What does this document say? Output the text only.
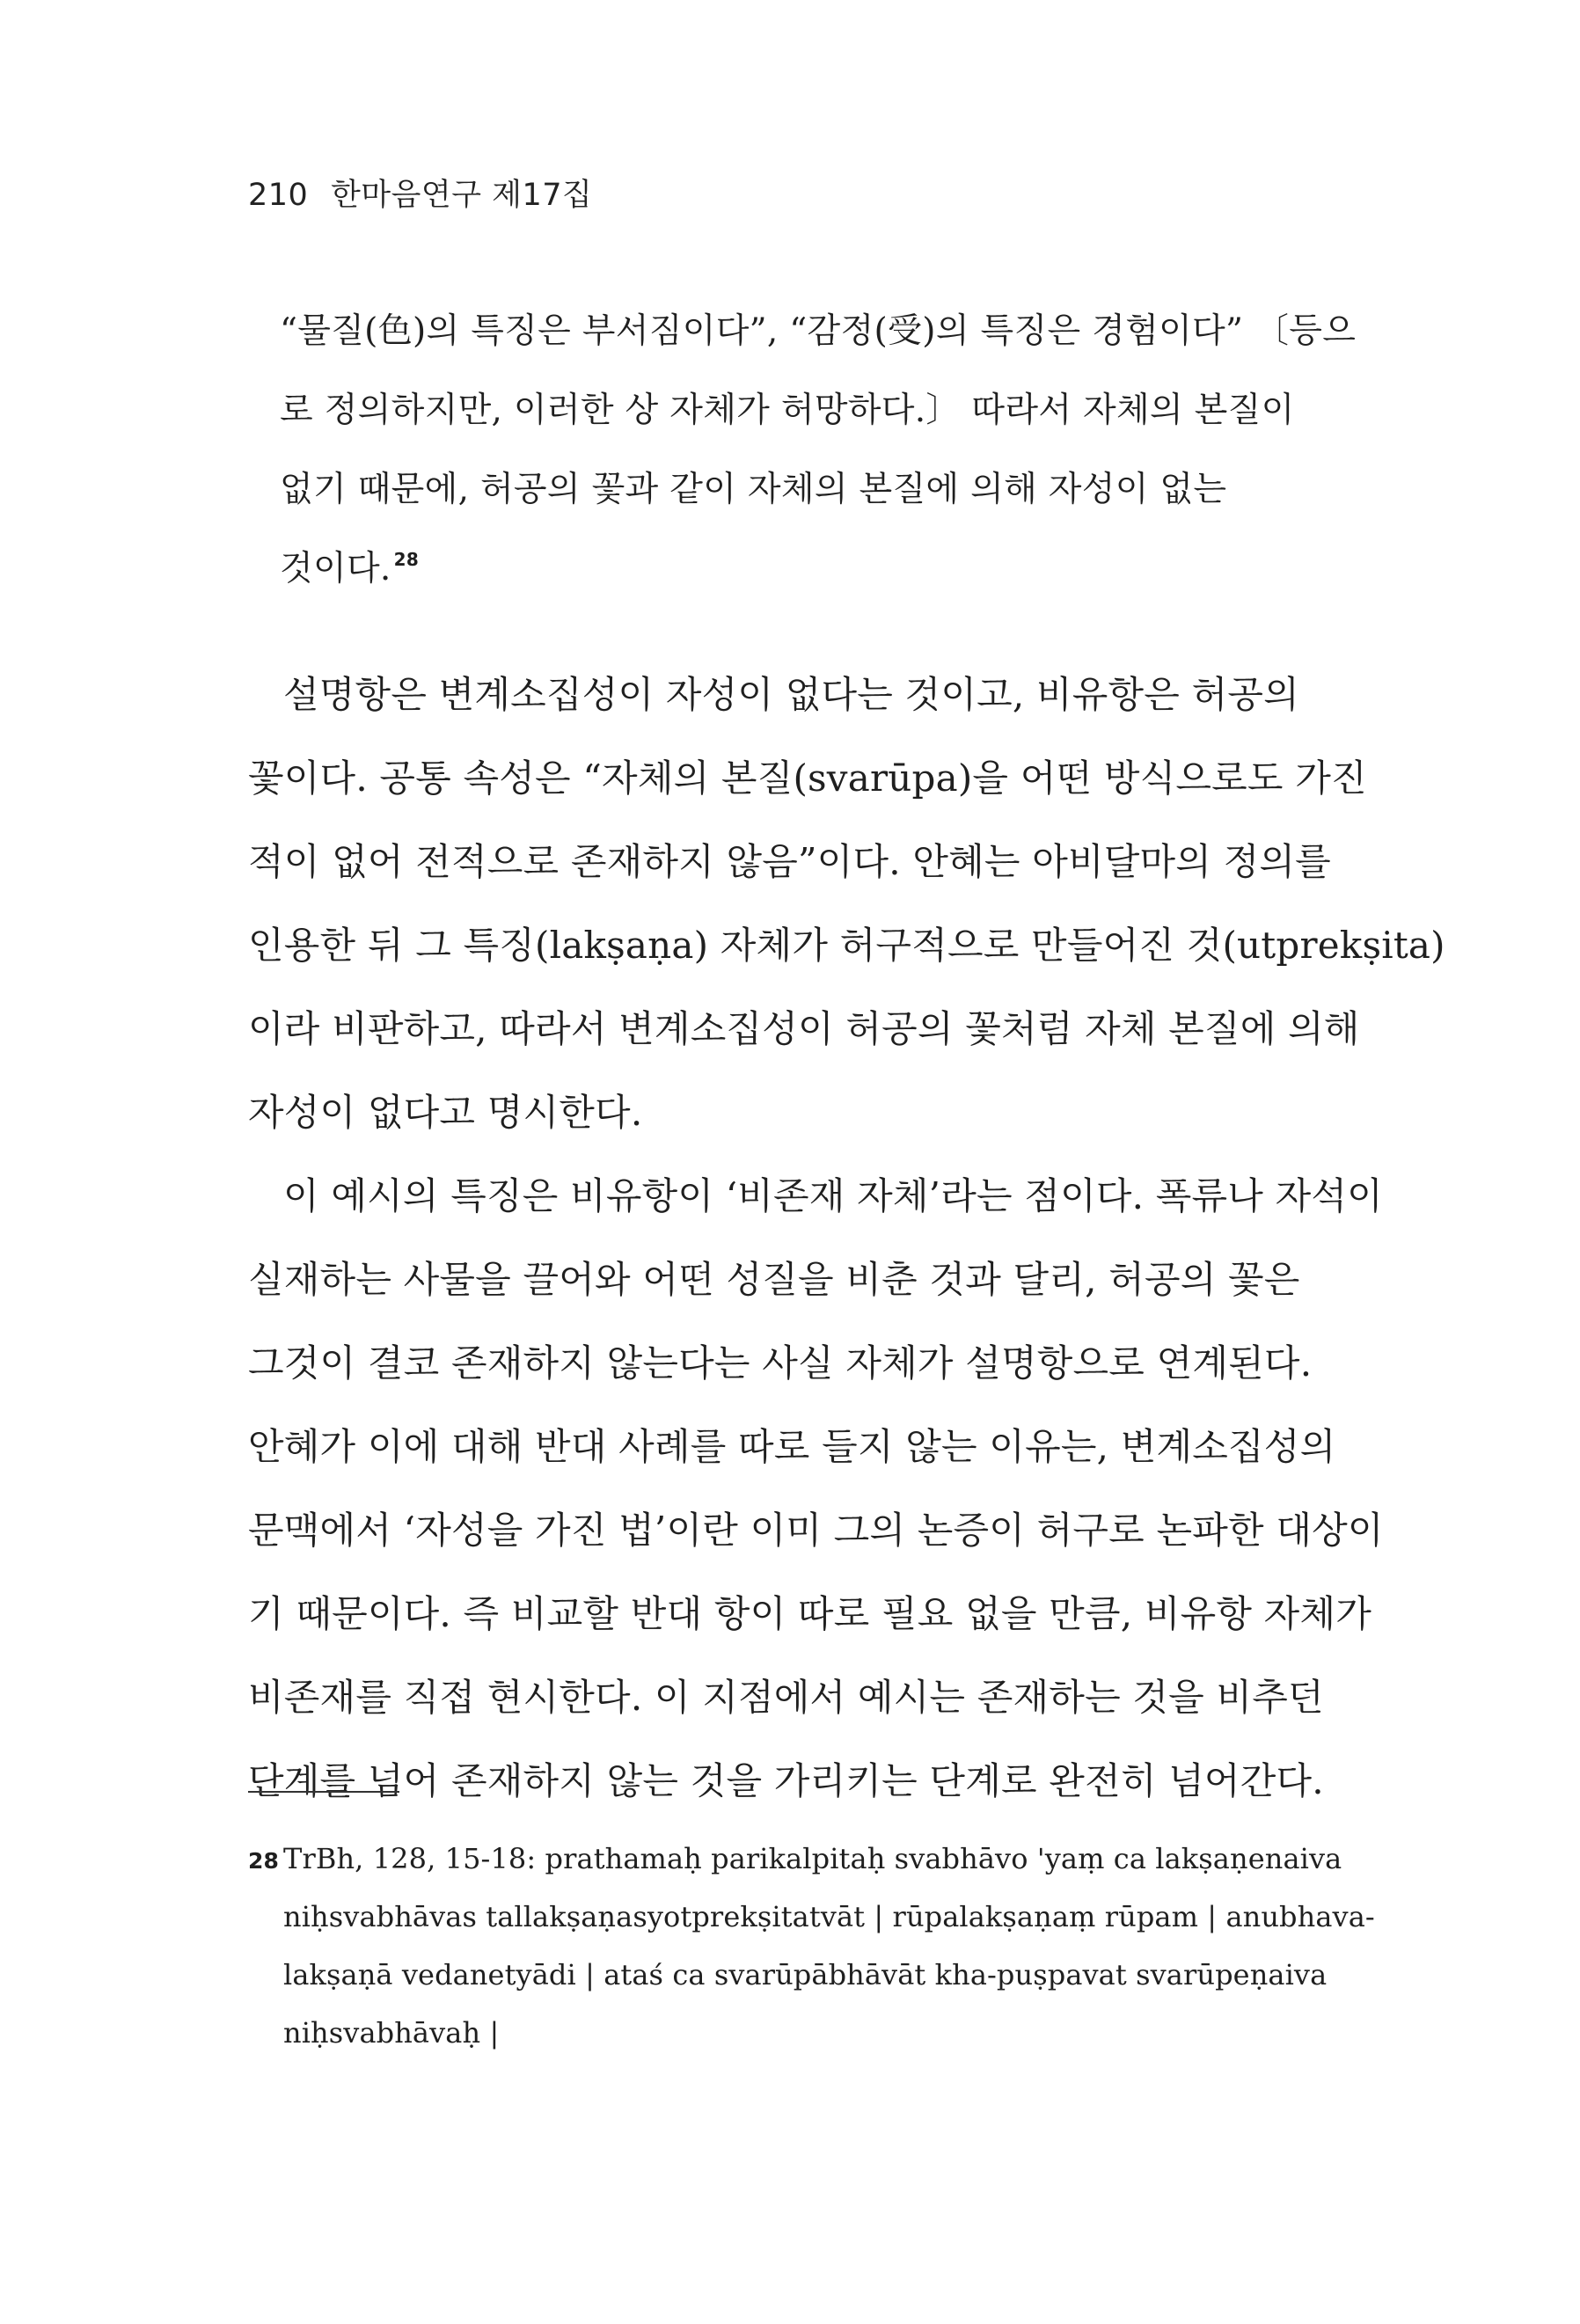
210 한마음연구 제17집
“물질(色)의 특징은 부서짐이다”, “감정(受)의 특징은 경험이다” 〔등으
로 정의하지만, 이러한 상 자체가 허망하다.〕 따라서 자체의 본질이
없기 때문에, 허공의 꽃과 같이 자체의 본질에 의해 자성이 없는
것이다. $^{28}$
설명항은 변계소집성이 자성이 없다는 것이고, 비유항은 허공의
꽃이다. 공통 속성은 “자체의 본질(svarūpa)을 어떤 방식으로도 가진
적이 없어 전적으로 존재하지 않음”이다. 안혜는 아비달마의 정의를
인용한 뒤 그 특징(lakṣaṇa) 자체가 허구적으로 만들어진 것(utprekṣita)
이라 비판하고, 따라서 변계소집성이 허공의 꽃처럼 자체 본질에 의해
자성이 없다고 명시한다.
이 예시의 특징은 비유항이 ‘비존재 자체’라는 점이다. 폭류나 자석이
실재하는 사물을 끌어와 어떤 성질을 비춘 것과 달리, 허공의 꽃은
그것이 결코 존재하지 않는다는 사실 자체가 설명항으로 연계된다.
안혜가 이에 대해 반대 사례를 따로 들지 않는 이유는, 변계소집성의
문맥에서 ‘자성을 가진 법’이란 이미 그의 논증이 허구로 논파한 대상이
기 때문이다. 즉 비교할 반대 항이 따로 필요 없을 만큼, 비유항 자체가
비존재를 직접 현시한다. 이 지점에서 예시는 존재하는 것을 비추던
단계를 넘어 존재하지 않는 것을 가리키는 단계로 완전히 넘어간다.
28 TrBh, 128, 15-18: prathamaḥ parikalpitaḥ svabhāvo 'yaṃ ca lakṣaṇenaiva
niḥsvabhāvas tallakṣaṇasyotprekṣitatvāt | rūpalakṣaṇaṃ rūpam | anubhava-
lakṣaṇā vedanetyādi | ataś ca svarūpābhāvāt kha-puṣpavat svarūpeṇaiva
niḥsvabhāvaḥ |
